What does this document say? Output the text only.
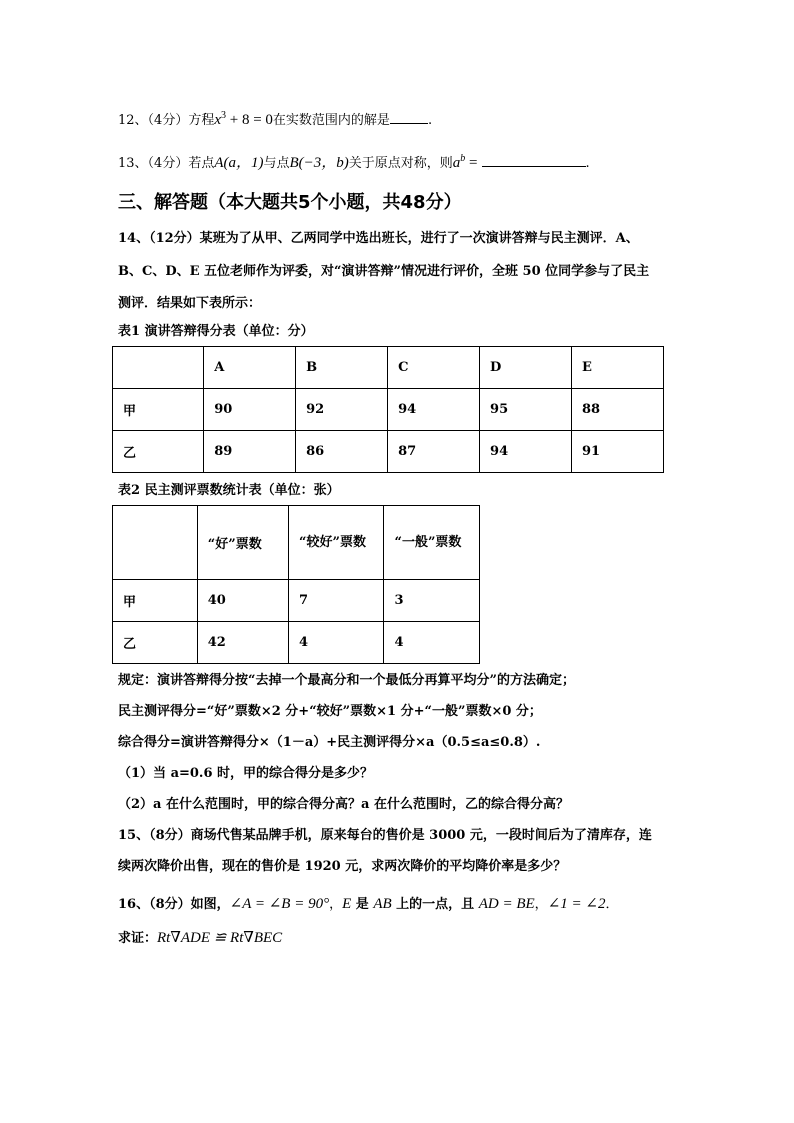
12、（4分）方程$x^3 + 8 = 0$在实数范围内的解是	.
13、（4分）若点A(a，1)与点B(−3，b)关于原点对称，则$a^b$ =	.
三、解答题（本大题共5个小题，共48分）
14、（12分）某班为了从甲、乙两同学中选出班长，进行了一次演讲答辩与民主测评．A、
B、C、D、E 五位老师作为评委，对“演讲答辩”情况进行评价，全班 50 位同学参与了民主
测评．结果如下表所示：
表1 演讲答辩得分表（单位：分）
	A	B	C	D	E
甲	90	92	94	95	88
乙	89	86	87	94	91
表2 民主测评票数统计表（单位：张）
	“好”票数	“较好”票数	“一般”票数
甲	40	7	3
乙	42	4	4
规定：演讲答辩得分按“去掉一个最高分和一个最低分再算平均分”的方法确定；
民主测评得分=“好”票数×2 分+“较好”票数×1 分+“一般”票数×0 分；
综合得分=演讲答辩得分×（1－a）+民主测评得分×a（0.5≤a≤0.8）.
（1）当 a=0.6 时，甲的综合得分是多少？
（2）a 在什么范围时，甲的综合得分高？a 在什么范围时，乙的综合得分高？
15、（8分）商场代售某品牌手机，原来每台的售价是 3000 元，一段时间后为了清库存，连
续两次降价出售，现在的售价是 1920 元，求两次降价的平均降价率是多少？
16、（8分）如图，∠A = ∠B = 90°，E 是 AB 上的一点，且 AD = BE，∠1 = ∠2．
求证：Rt∇ADE ≌ Rt∇BEC
